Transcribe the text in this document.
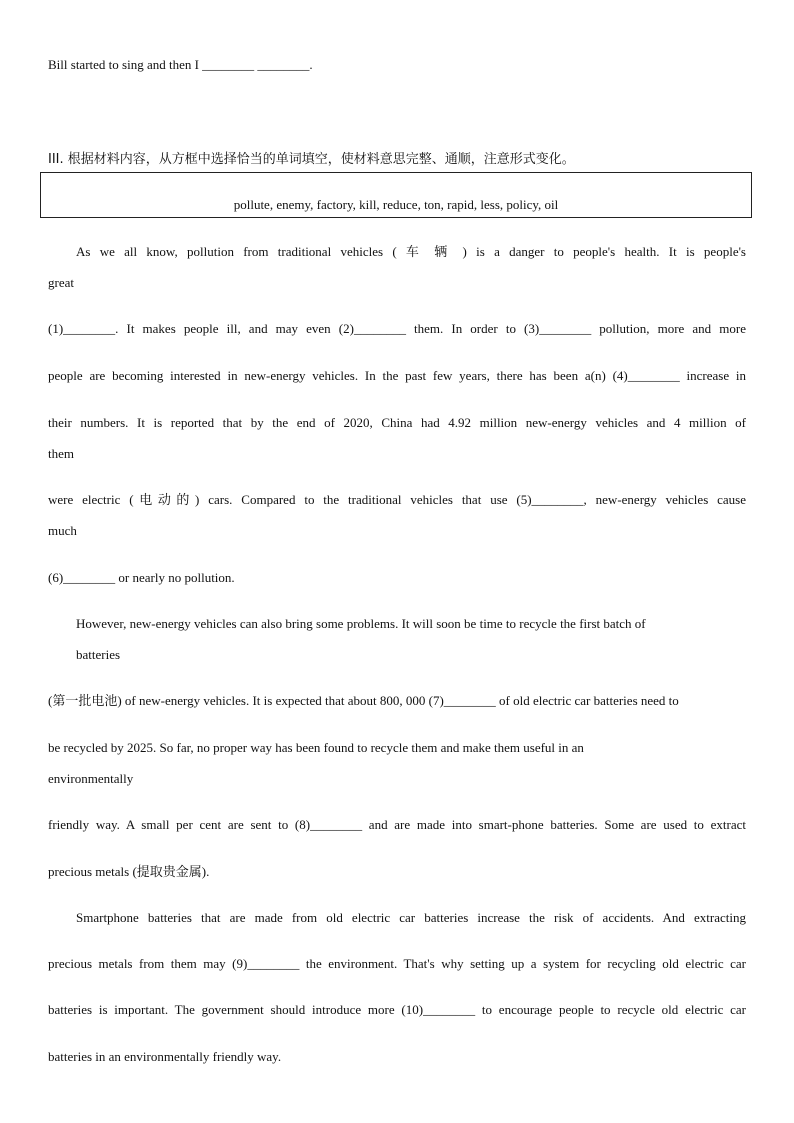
Bill started to sing and then I ________ ________.
III. 根据材料内容，从方框中选择恰当的单词填空，使材料意思完整、通顺，注意形式变化。
pollute, enemy, factory, kill, reduce, ton, rapid, less, policy, oil
As we all know, pollution from traditional vehicles ( 车 辆 ) is a danger to people's health. It is people's
great
(1)________. It makes people ill, and may even (2)________ them. In order to (3)________ pollution, more and more
people are becoming interested in new-energy vehicles. In the past few years, there has been a(n) (4)________ increase in
their numbers. It is reported that by the end of 2020, China had 4.92 million new-energy vehicles and 4 million of
them
were electric (电动的) cars. Compared to the traditional vehicles that use (5)________, new-energy vehicles cause
much
(6)________ or nearly no pollution.
However, new-energy vehicles can also bring some problems. It will soon be time to recycle the first batch of
batteries
(第一批电池) of new-energy vehicles. It is expected that about 800, 000 (7)________ of old electric car batteries need to
be recycled by 2025. So far, no proper way has been found to recycle them and make them useful in an
environmentally
friendly way. A small per cent are sent to (8)________ and are made into smart-phone batteries. Some are used to extract
precious metals (提取贵金属).
Smartphone batteries that are made from old electric car batteries increase the risk of accidents. And extracting
precious metals from them may (9)________ the environment. That's why setting up a system for recycling old electric car
batteries is important. The government should introduce more (10)________ to encourage people to recycle old electric car
batteries in an environmentally friendly way.
